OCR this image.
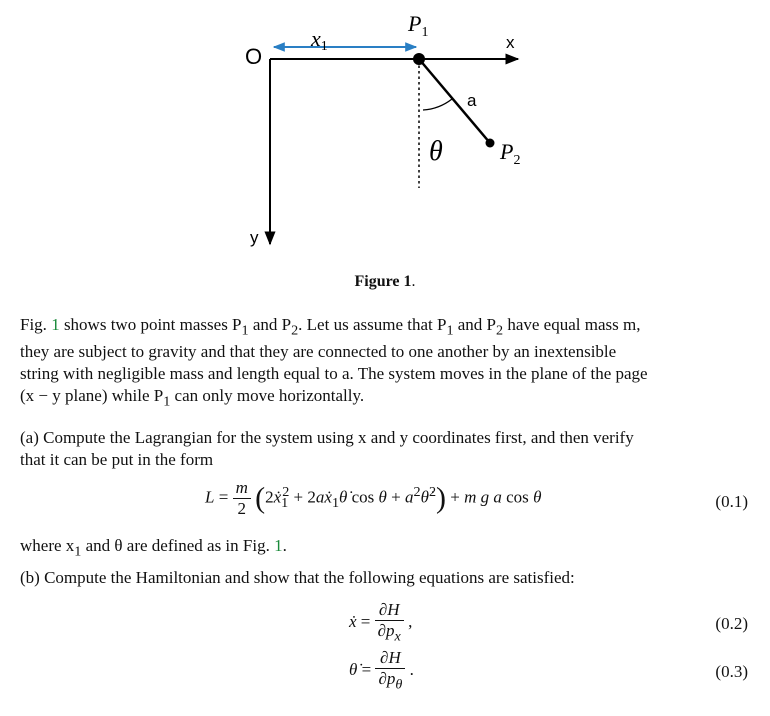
O
x
y
a
x1
$P_1$
$P_2$
θ
Figure 1.
Fig. 1 shows two point masses $P_1$ and $P_2$. Let us assume that $P_1$ and $P_2$ have equal mass m,
they are subject to gravity and that they are connected to one another by an inextensible
string with negligible mass and length equal to a. The system moves in the plane of the page
(x − y plane) while $P_1$ can only move horizontally.
(a) Compute the Lagrangian for the system using x and y coordinates first, and then verify
that it can be put in the form
$L = \frac{m}{2}$ (2ẋ$_1^2$ + 2aẋ$_1$θ̇ $\cos \theta + a^2\thetȧ^2) + m$ g a cos θ	(0.1)
where $x_1$ and θ are defined as in Fig. 1.
(b) Compute the Hamiltonian and show that the following equations are satisfied:
ẋ = $\frac{\partial H}{\partial p_x}$ ,	(0.2)
θ̇ = $\frac{\partial H}{\partial p_\theta}$ .	(0.3)
